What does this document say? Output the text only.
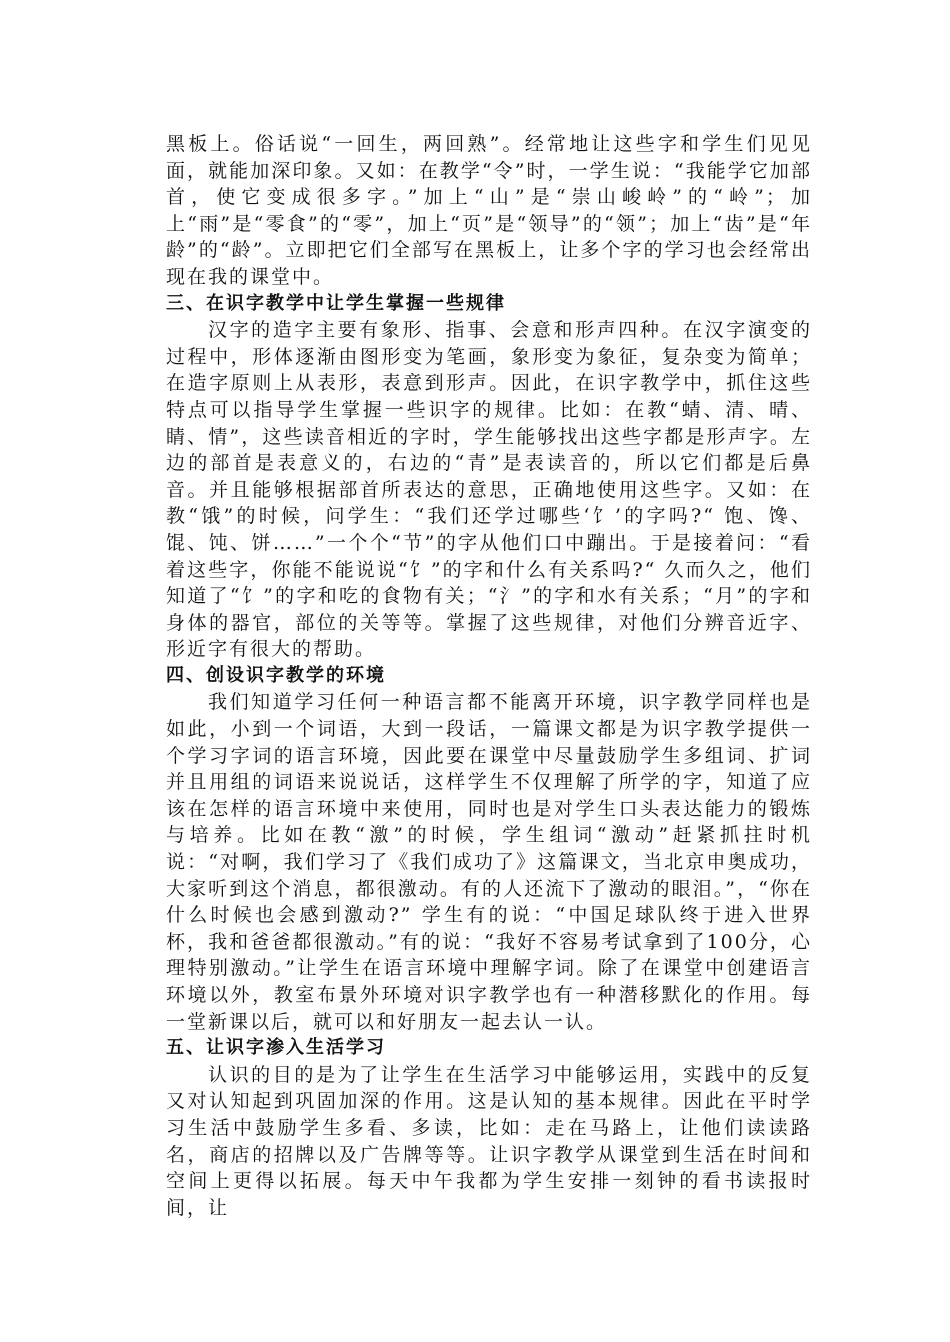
黑板上。俗话说“一回生，两回熟”。经常地让这些字和学生们见见面，就能加深印象。又如：在教学“令”时，一学生说：“我能学它加部首，使它变成很多字。”加上“山”是“崇山峻岭”的“岭”；加上“雨”是“零食”的“零”，加上“页”是“领导”的“领”；加上“齿”是“年龄”的“龄”。立即把它们全部写在黑板上，让多个字的学习也会经常出现在我的课堂中。

三、在识字教学中让学生掌握一些规律

汉字的造字主要有象形、指事、会意和形声四种。在汉字演变的过程中，形体逐渐由图形变为笔画，象形变为象征，复杂变为简单；在造字原则上从表形，表意到形声。因此，在识字教学中，抓住这些特点可以指导学生掌握一些识字的规律。比如：在教“蜻、清、晴、睛、情”，这些读音相近的字时，学生能够找出这些字都是形声字。左边的部首是表意义的，右边的“青”是表读音的，所以它们都是后鼻音。并且能够根据部首所表达的意思，正确地使用这些字。又如：在教“饿”的时候，问学生：“我们还学过哪些‘饣’的字吗?“ 饱、馋、馄、饨、饼……”一个个“节”的字从他们口中蹦出。于是接着问：“看着这些字，你能不能说说“饣”的字和什么有关系吗?“ 久而久之，他们知道了“饣”的字和吃的食物有关；“氵”的字和水有关系；“月”的字和身体的器官，部位的关等等。掌握了这些规律，对他们分辨音近字、形近字有很大的帮助。

四、创设识字教学的环境

我们知道学习任何一种语言都不能离开环境，识字教学同样也是如此，小到一个词语，大到一段话，一篇课文都是为识字教学提供一个学习字词的语言环境，因此要在课堂中尽量鼓励学生多组词、扩词并且用组的词语来说说话，这样学生不仅理解了所学的字，知道了应该在怎样的语言环境中来使用，同时也是对学生口头表达能力的锻炼与培养。比如在教“激”的时候，学生组词“激动”赶紧抓拄时机说：“对啊，我们学习了《我们成功了》这篇课文，当北京申奥成功，大家听到这个消息，都很激动。有的人还流下了激动的眼泪。”，“你在什么时候也会感到激动?” 学生有的说：“中国足球队终于进入世界杯，我和爸爸都很激动。”有的说：“我好不容易考试拿到了100分，心理特别激动。”让学生在语言环境中理解字词。除了在课堂中创建语言环境以外，教室布景外环境对识字教学也有一种潜移默化的作用。每一堂新课以后，就可以和好朋友一起去认一认。

五、让识字渗入生活学习

认识的目的是为了让学生在生活学习中能够运用，实践中的反复又对认知起到巩固加深的作用。这是认知的基本规律。因此在平时学习生活中鼓励学生多看、多读，比如：走在马路上，让他们读读路名，商店的招牌以及广告牌等等。让识字教学从课堂到生活在时间和空间上更得以拓展。每天中午我都为学生安排一刻钟的看书读报时间，让
